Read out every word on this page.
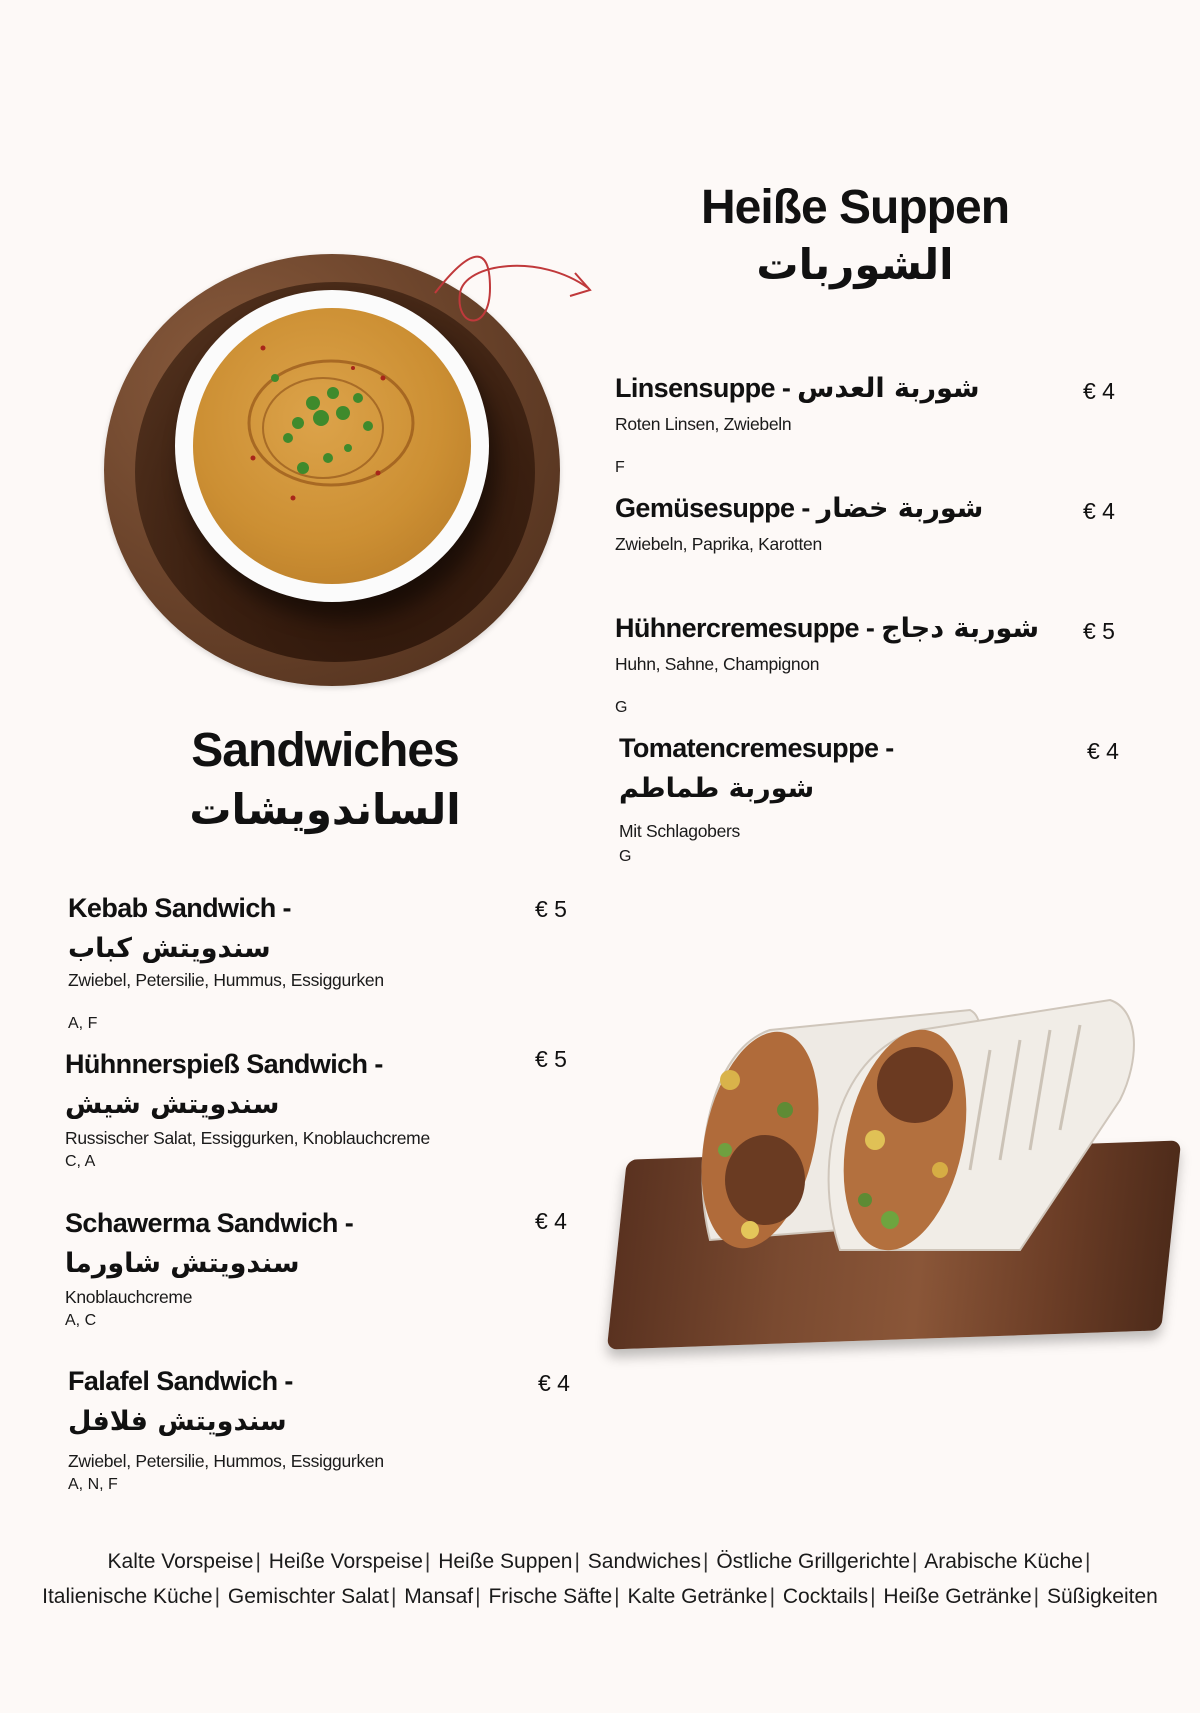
Heiße Suppen
الشوربات
Linsensuppe - شوربة العدس	€ 4
Roten Linsen, Zwiebeln
F
Gemüsesuppe - شوربة خضار	€ 4
Zwiebeln, Paprika, Karotten
Hühnercremesuppe - شوربة دجاج € 5
Huhn, Sahne, Champignon
G
Tomatencremesuppe -
شوربة طماطم
€ 4
Mit Schlagobers
G
Sandwiches
الساندويشات
Kebab Sandwich -
سندويتش كباب
€ 5
Zwiebel, Petersilie, Hummus, Essiggurken
A, F
Hühnnerspieß Sandwich -
سندويتش شيش
€ 5
Russischer Salat, Essiggurken, Knoblauchcreme
C, A
Schawerma Sandwich -
سندويتش شاورما
€ 4
Knoblauchcreme
A, C
Falafel Sandwich -
سندويتش فلافل
€ 4
Zwiebel, Petersilie, Hummos, Essiggurken
A, N, F
Kalte Vorspeise| Heiße Vorspeise| Heiße Suppen| Sandwiches| Östliche Grillgerichte| Arabische Küche|
Italienische Küche| Gemischter Salat| Mansaf| Frische Säfte| Kalte Getränke| Cocktails| Heiße Getränke| Süßigkeiten
